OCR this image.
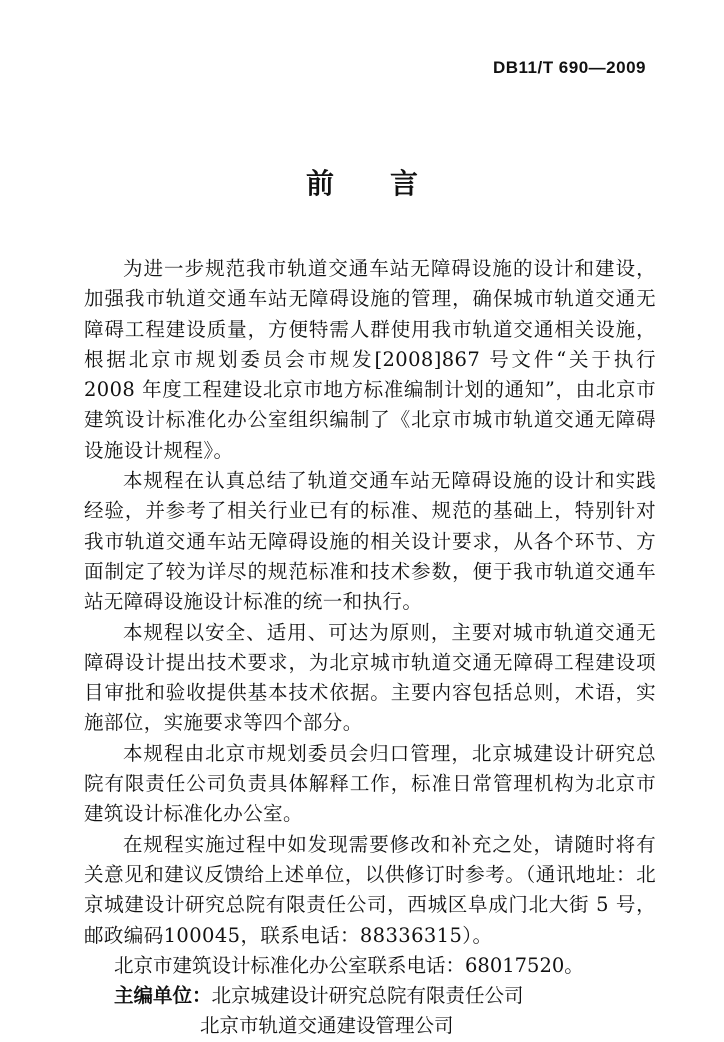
DB11/T 690—2009
前言

为进一步规范我市轨道交通车站无障碍设施的设计和建设，加强我市轨道交通车站无障碍设施的管理，确保城市轨道交通无障碍工程建设质量，方便特需人群使用我市轨道交通相关设施，根据北京市规划委员会市规发[2008]867 号文件“关于执行 2008 年度工程建设北京市地方标准编制计划的通知”，由北京市建筑设计标准化办公室组织编制了《北京市城市轨道交通无障碍设施设计规程》。

本规程在认真总结了轨道交通车站无障碍设施的设计和实践经验，并参考了相关行业已有的标准、规范的基础上，特别针对我市轨道交通车站无障碍设施的相关设计要求，从各个环节、方面制定了较为详尽的规范标准和技术参数，便于我市轨道交通车站无障碍设施设计标准的统一和执行。

本规程以安全、适用、可达为原则，主要对城市轨道交通无障碍设计提出技术要求，为北京城市轨道交通无障碍工程建设项目审批和验收提供基本技术依据。主要内容包括总则，术语，实施部位，实施要求等四个部分。

本规程由北京市规划委员会归口管理，北京城建设计研究总院有限责任公司负责具体解释工作，标准日常管理机构为北京市建筑设计标准化办公室。

在规程实施过程中如发现需要修改和补充之处，请随时将有关意见和建议反馈给上述单位，以供修订时参考。（通讯地址：北京城建设计研究总院有限责任公司，西城区阜成门北大街 5 号，邮政编码100045，联系电话：88336315）。

北京市建筑设计标准化办公室联系电话：68017520。

主编单位：北京城建设计研究总院有限责任公司

北京市轨道交通建设管理公司
